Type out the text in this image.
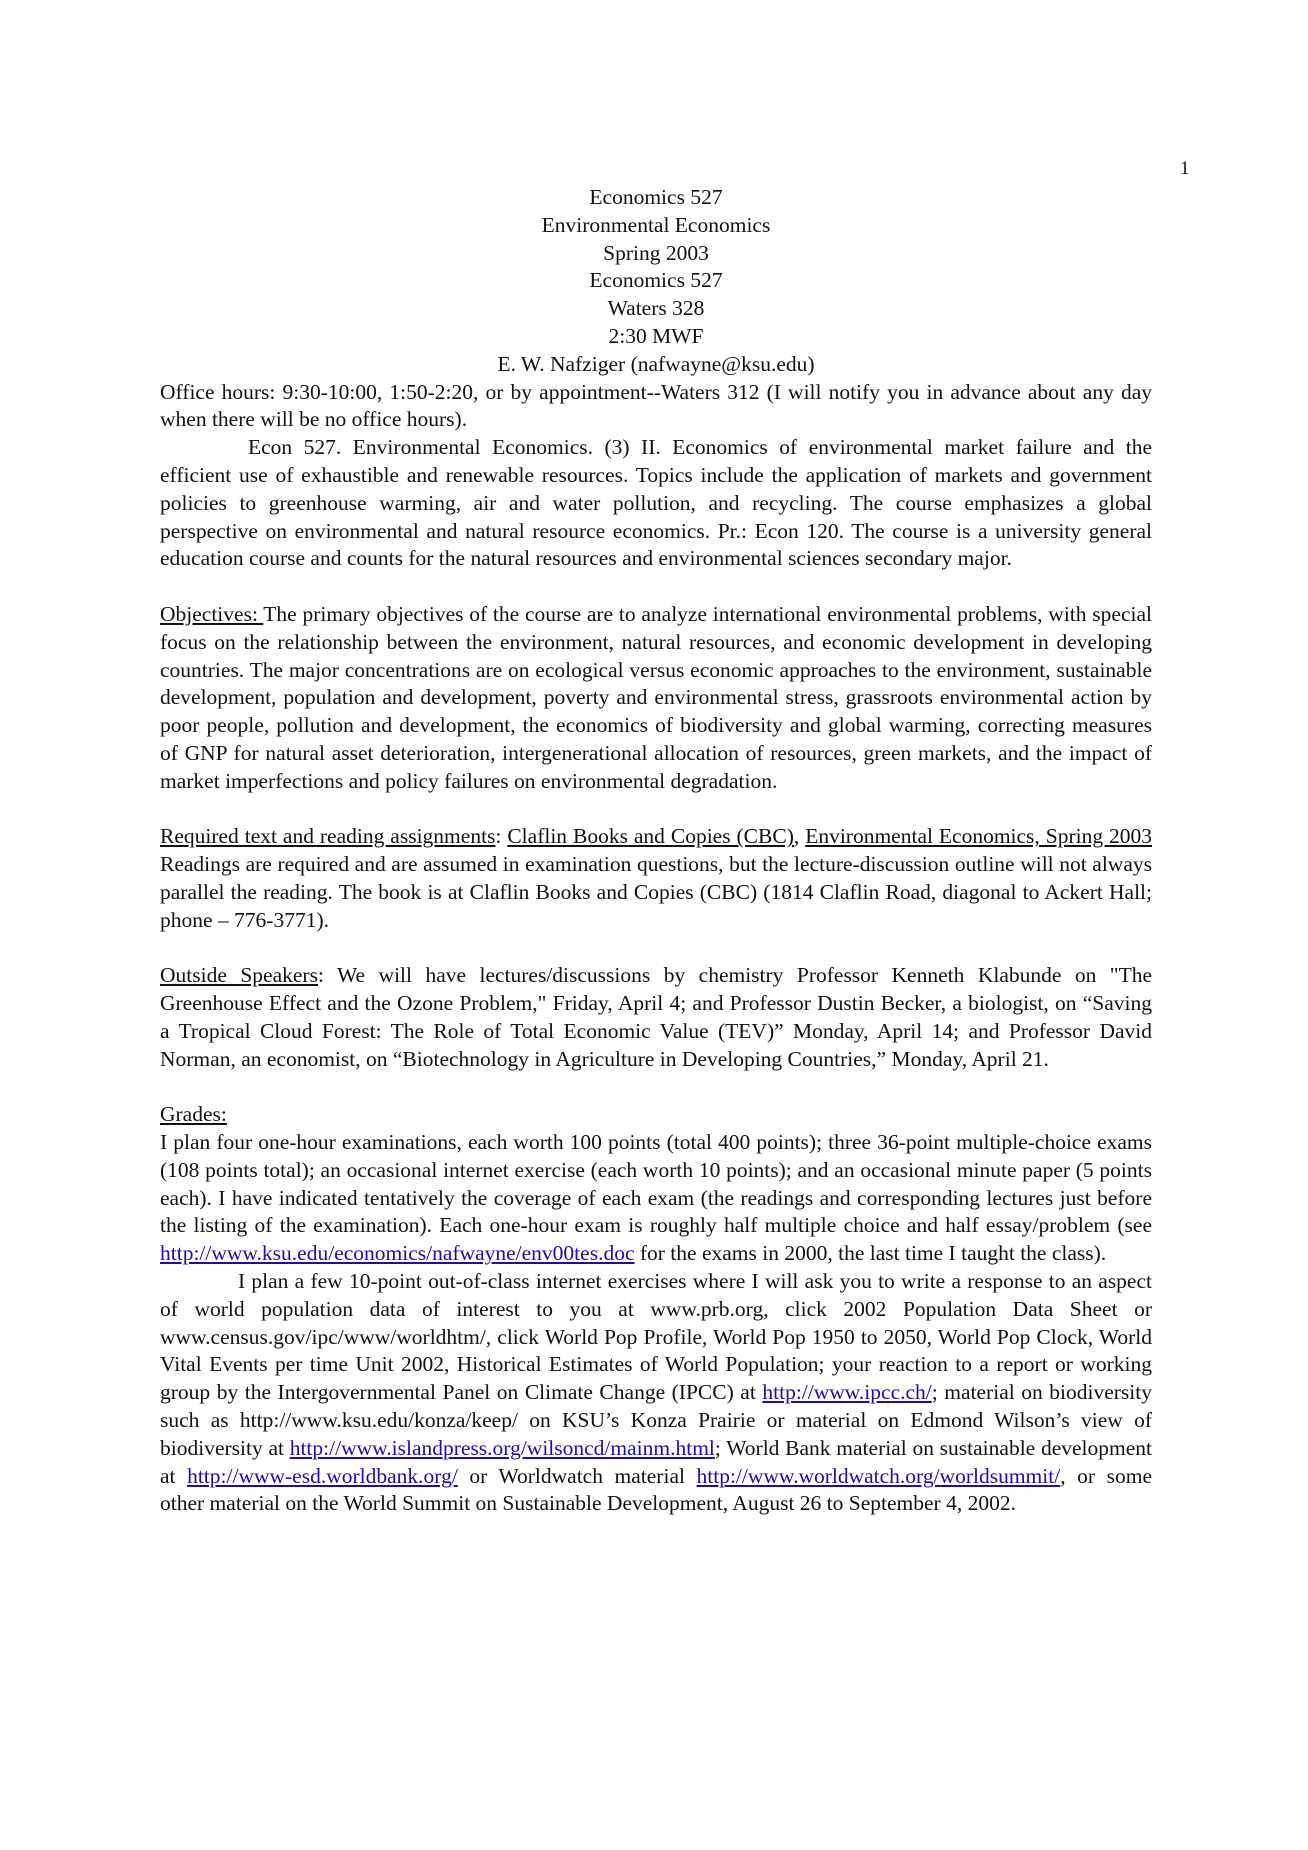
1
Economics 527
Environmental Economics
Spring 2003
Economics 527
Waters 328
2:30 MWF
E. W. Nafziger (nafwayne@ksu.edu)

Office hours: 9:30-10:00, 1:50-2:20, or by appointment--Waters 312 (I will notify you in advance about any day when there will be no office hours).

Econ 527. Environmental Economics. (3) II. Economics of environmental market failure and the efficient use of exhaustible and renewable resources. Topics include the application of markets and government policies to greenhouse warming, air and water pollution, and recycling. The course emphasizes a global perspective on environmental and natural resource economics. Pr.: Econ 120. The course is a university general education course and counts for the natural resources and environmental sciences secondary major.

Objectives: The primary objectives of the course are to analyze international environmental problems, with special focus on the relationship between the environment, natural resources, and economic development in developing countries. The major concentrations are on ecological versus economic approaches to the environment, sustainable development, population and development, poverty and environmental stress, grassroots environmental action by poor people, pollution and development, the economics of biodiversity and global warming, correcting measures of GNP for natural asset deterioration, intergenerational allocation of resources, green markets, and the impact of market imperfections and policy failures on environmental degradation.

Required text and reading assignments: Claflin Books and Copies (CBC), Environmental Economics, Spring 2003 Readings are required and are assumed in examination questions, but the lecture-discussion outline will not always parallel the reading. The book is at Claflin Books and Copies (CBC) (1814 Claflin Road, diagonal to Ackert Hall; phone – 776-3771).

Outside Speakers: We will have lectures/discussions by chemistry Professor Kenneth Klabunde on "The Greenhouse Effect and the Ozone Problem," Friday, April 4; and Professor Dustin Becker, a biologist, on “Saving a Tropical Cloud Forest: The Role of Total Economic Value (TEV)” Monday, April 14; and Professor David Norman, an economist, on “Biotechnology in Agriculture in Developing Countries,” Monday, April 21.

Grades:

I plan four one-hour examinations, each worth 100 points (total 400 points); three 36-point multiple-choice exams (108 points total); an occasional internet exercise (each worth 10 points); and an occasional minute paper (5 points each). I have indicated tentatively the coverage of each exam (the readings and corresponding lectures just before the listing of the examination). Each one-hour exam is roughly half multiple choice and half essay/problem (see http://www.ksu.edu/economics/nafwayne/env00tes.doc for the exams in 2000, the last time I taught the class).

I plan a few 10-point out-of-class internet exercises where I will ask you to write a response to an aspect of world population data of interest to you at www.prb.org, click 2002 Population Data Sheet or www.census.gov/ipc/www/worldhtm/, click World Pop Profile, World Pop 1950 to 2050, World Pop Clock, World Vital Events per time Unit 2002, Historical Estimates of World Population; your reaction to a report or working group by the Intergovernmental Panel on Climate Change (IPCC) at http://www.ipcc.ch/; material on biodiversity such as http://www.ksu.edu/konza/keep/ on KSU’s Konza Prairie or material on Edmond Wilson’s view of biodiversity at http://www.islandpress.org/wilsoncd/mainm.html; World Bank material on sustainable development at http://www-esd.worldbank.org/ or Worldwatch material http://www.worldwatch.org/worldsummit/, or some other material on the World Summit on Sustainable Development, August 26 to September 4, 2002.
